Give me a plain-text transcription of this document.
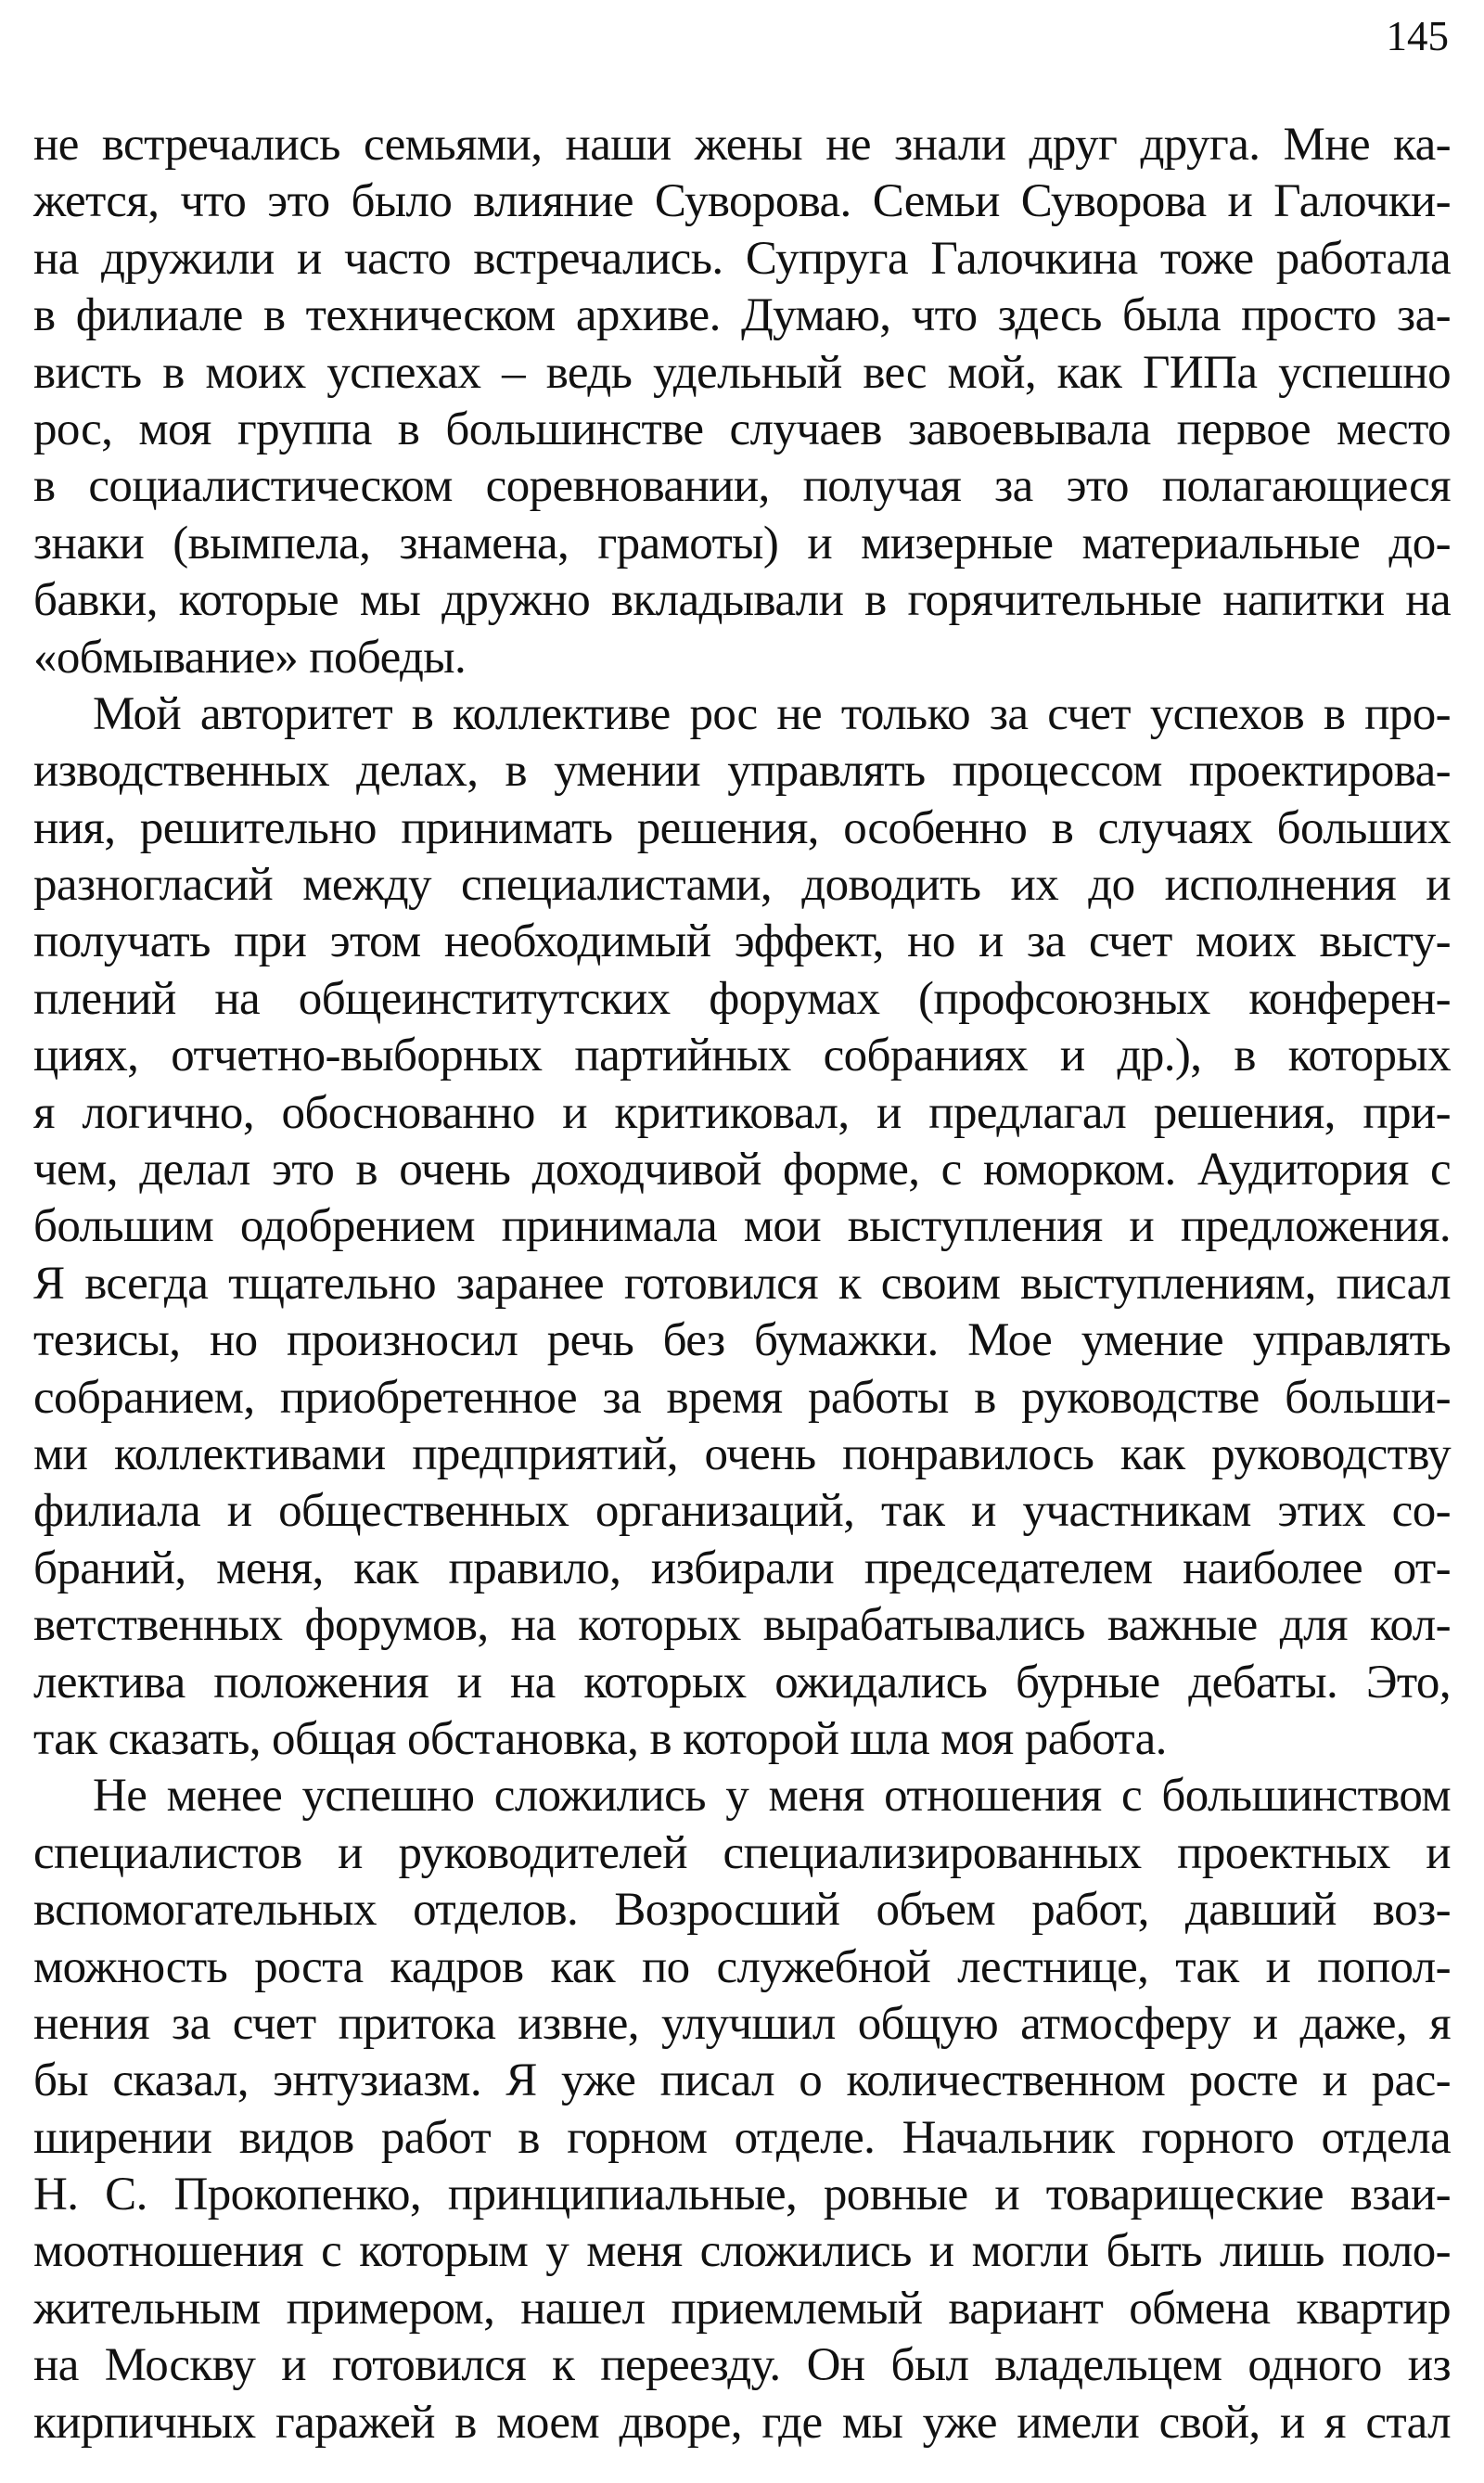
145
не встречались семьями, наши жены не знали друг друга. Мне ка-
жется, что это было влияние Суворова. Семьи Суворова и Галочки-
на дружили и часто встречались. Супруга Галочкина тоже работала
в филиале в техническом архиве. Думаю, что здесь была просто за-
висть в моих успехах – ведь удельный вес мой, как ГИПа успешно
рос, моя группа в большинстве случаев завоевывала первое место
в социалистическом соревновании, получая за это полагающиеся
знаки (вымпела, знамена, грамоты) и мизерные материальные до-
бавки, которые мы дружно вкладывали в горячительные напитки на
«обмывание» победы.
Мой авторитет в коллективе рос не только за счет успехов в про-
изводственных делах, в умении управлять процессом проектирова-
ния, решительно принимать решения, особенно в случаях больших
разногласий между специалистами, доводить их до исполнения и
получать при этом необходимый эффект, но и за счет моих высту-
плений на общеинститутских форумах (профсоюзных конферен-
циях, отчетно-выборных партийных собраниях и др.), в которых
я логично, обоснованно и критиковал, и предлагал решения, при-
чем, делал это в очень доходчивой форме, с юморком. Аудитория с
большим одобрением принимала мои выступления и предложения.
Я всегда тщательно заранее готовился к своим выступлениям, писал
тезисы, но произносил речь без бумажки. Мое умение управлять
собранием, приобретенное за время работы в руководстве больши-
ми коллективами предприятий, очень понравилось как руководству
филиала и общественных организаций, так и участникам этих со-
браний, меня, как правило, избирали председателем наиболее от-
ветственных форумов, на которых вырабатывались важные для кол-
лектива положения и на которых ожидались бурные дебаты. Это,
так сказать, общая обстановка, в которой шла моя работа.
Не менее успешно сложились у меня отношения с большинством
специалистов и руководителей специализированных проектных и
вспомогательных отделов. Возросший объем работ, давший воз-
можность роста кадров как по служебной лестнице, так и попол-
нения за счет притока извне, улучшил общую атмосферу и даже, я
бы сказал, энтузиазм. Я уже писал о количественном росте и рас-
ширении видов работ в горном отделе. Начальник горного отдела
Н. С. Прокопенко, принципиальные, ровные и товарищеские взаи-
моотношения с которым у меня сложились и могли быть лишь поло-
жительным примером, нашел приемлемый вариант обмена квартир
на Москву и готовился к переезду. Он был владельцем одного из
кирпичных гаражей в моем дворе, где мы уже имели свой, и я стал
